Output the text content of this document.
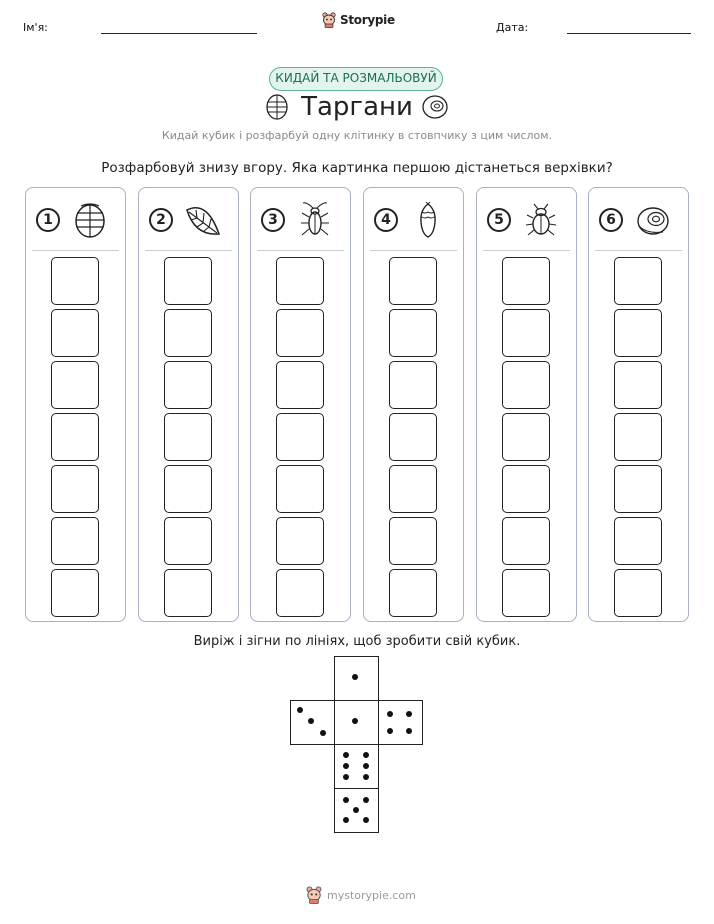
Ім'я:
Storypie
Дата:
КИДАЙ ТА РОЗМАЛЬОВУЙ
Таргани
Кидай кубик і розфарбуй одну клітинку в стовпчику з цим числом.
Розфарбовуй знизу вгору. Яка картинка першою дістанеться верхівки?
1	2	3	4	5	6
Виріж і зігни по лініях, щоб зробити свій кубик.
mystorypie.com
